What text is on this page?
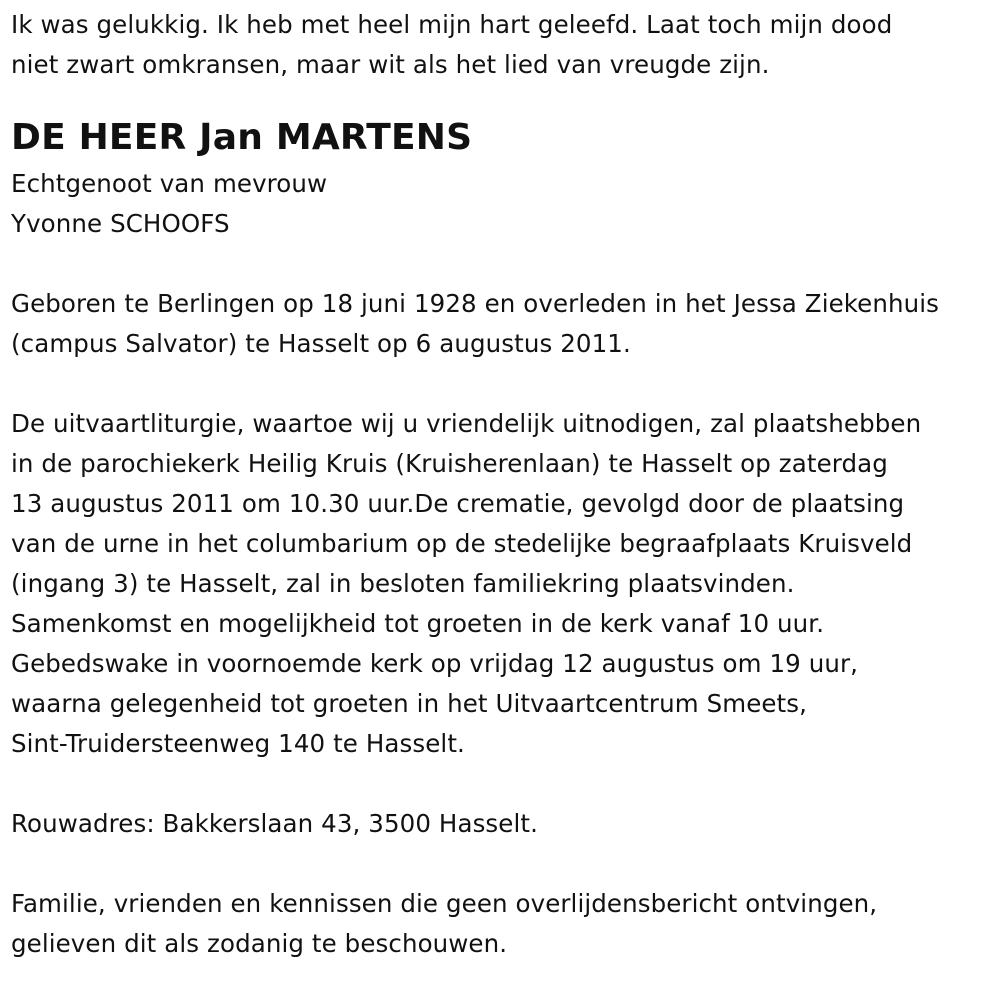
Ik was gelukkig. Ik heb met heel mijn hart geleefd. Laat toch mijn dood
niet zwart omkransen, maar wit als het lied van vreugde zijn.
DE HEER Jan MARTENS
Echtgenoot van mevrouw
Yvonne SCHOOFS
Geboren te Berlingen op 18 juni 1928 en overleden in het Jessa Ziekenhuis
(campus Salvator) te Hasselt op 6 augustus 2011.
De uitvaartliturgie, waartoe wij u vriendelijk uitnodigen, zal plaatshebben
in de parochiekerk Heilig Kruis (Kruisherenlaan) te Hasselt op zaterdag
13 augustus 2011 om 10.30 uur.De crematie, gevolgd door de plaatsing
van de urne in het columbarium op de stedelijke begraafplaats Kruisveld
(ingang 3) te Hasselt, zal in besloten familiekring plaatsvinden.
Samenkomst en mogelijkheid tot groeten in de kerk vanaf 10 uur.
Gebedswake in voornoemde kerk op vrijdag 12 augustus om 19 uur,
waarna gelegenheid tot groeten in het Uitvaartcentrum Smeets,
Sint-Truidersteenweg 140 te Hasselt.
Rouwadres: Bakkerslaan 43, 3500 Hasselt.
Familie, vrienden en kennissen die geen overlijdensbericht ontvingen,
gelieven dit als zodanig te beschouwen.
